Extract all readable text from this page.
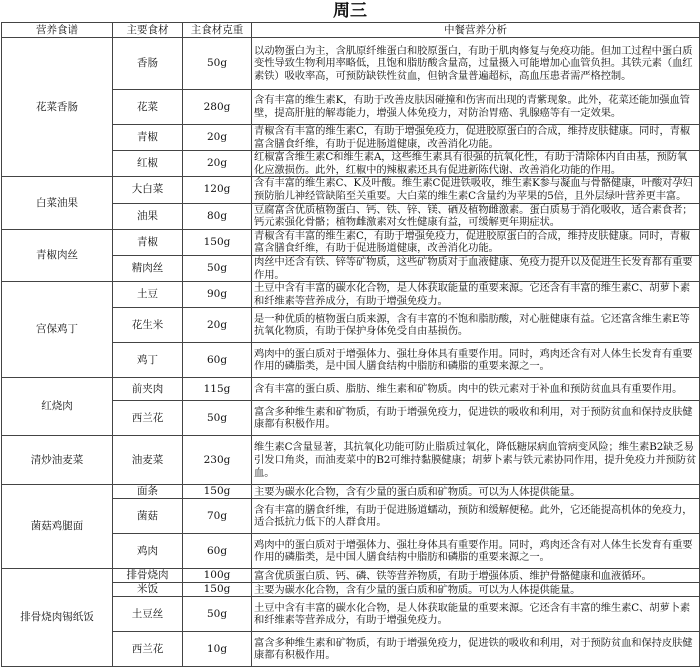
周三
营养食谱	主要食材	主食材克重	中餐营养分析
花菜香肠	香肠	50g	以动物蛋白为主，含肌原纤维蛋白和胶原蛋白，有助于肌肉修复与免疫功能。但加工过程中蛋白质变性导致生物利用率略低，且饱和脂肪酸含量高，过量摄入可能增加心血管负担。其铁元素（血红素铁）吸收率高，可预防缺铁性贫血，但钠含量普遍超标，高血压患者需严格控制。
	花菜	280g	含有丰富的维生素K，有助于改善皮肤因碰撞和伤害而出现的青紫现象。此外，花菜还能加强血管壁，提高肝脏的解毒能力，增强人体免疫力，对防治胃癌、乳腺癌等有一定效果。
	青椒	20g	青椒含有丰富的维生素C，有助于增强免疫力，促进胶原蛋白的合成，维持皮肤健康。同时，青椒富含膳食纤维，有助于促进肠道健康，改善消化功能。
	红椒	20g	红椒富含维生素C和维生素A，这些维生素具有很强的抗氧化性，有助于清除体内自由基，预防氧化应激损伤。此外，红椒中的辣椒素还具有促进新陈代谢、改善消化功能的作用。
白菜油果	大白菜	120g	含有丰富的维生素C、K及叶酸。维生素C促进铁吸收，维生素K参与凝血与骨骼健康，叶酸对孕妇预防胎儿神经管缺陷至关重要。大白菜的维生素C含量约为苹果的5倍，且外层绿叶营养更丰富。
	油果	80g	豆腐富含优质植物蛋白、钙、铁、锌、镁、硒及植物雌激素。蛋白质易于消化吸收，适合素食者；钙元素强化骨骼；植物雌激素对女性健康有益，可缓解更年期症状。
青椒肉丝	青椒	150g	青椒含有丰富的维生素C，有助于增强免疫力，促进胶原蛋白的合成，维持皮肤健康。同时，青椒富含膳食纤维，有助于促进肠道健康，改善消化功能。
	精肉丝	50g	肉丝中还含有铁、锌等矿物质，这些矿物质对于血液健康、免疫力提升以及促进生长发育都有重要作用。
宫保鸡丁	土豆	90g	土豆中含有丰富的碳水化合物，是人体获取能量的重要来源。它还含有丰富的维生素C、胡萝卜素和纤维素等营养成分，有助于增强免疫力。
	花生米	20g	是一种优质的植物蛋白质来源，含有丰富的不饱和脂肪酸，对心脏健康有益。它还富含维生素E等抗氧化物质，有助于保护身体免受自由基损伤。
	鸡丁	60g	鸡肉中的蛋白质对于增强体力、强壮身体具有重要作用。同时，鸡肉还含有对人体生长发育有重要作用的磷脂类，是中国人膳食结构中脂肪和磷脂的重要来源之一。
红烧肉	前夹肉	115g	含有丰富的蛋白质、脂肪、维生素和矿物质。肉中的铁元素对于补血和预防贫血具有重要作用。
	西兰花	50g	富含多种维生素和矿物质，有助于增强免疫力，促进铁的吸收和利用，对于预防贫血和保持皮肤健康都有积极作用。
清炒油麦菜	油麦菜	230g	维生素C含量显著，其抗氧化功能可防止脂质过氧化，降低糖尿病血管病变风险；维生素B2缺乏易引发口角炎，而油麦菜中的B2可维持黏膜健康；胡萝卜素与铁元素协同作用，提升免疫力并预防贫血。
菌菇鸡腿面	面条	150g	主要为碳水化合物，含有少量的蛋白质和矿物质。可以为人体提供能量。
	菌菇	70g	含有丰富的膳食纤维，有助于促进肠道蠕动，预防和缓解便秘。此外，它还能提高机体的免疫力，适合抵抗力低下的人群食用。
	鸡肉	60g	鸡肉中的蛋白质对于增强体力、强壮身体具有重要作用。同时，鸡肉还含有对人体生长发育有重要作用的磷脂类，是中国人膳食结构中脂肪和磷脂的重要来源之一。
排骨烧肉锡纸饭	排骨烧肉	100g	富含优质蛋白质、钙、磷、铁等营养物质，有助于增强体质、维护骨骼健康和血液循环。
	米饭	150g	主要为碳水化合物，含有少量的蛋白质和矿物质。可以为人体提供能量。
	土豆丝	50g	土豆中含有丰富的碳水化合物，是人体获取能量的重要来源。它还含有丰富的维生素C、胡萝卜素和纤维素等营养成分，有助于增强免疫力。
	西兰花	10g	富含多种维生素和矿物质，有助于增强免疫力，促进铁的吸收和利用，对于预防贫血和保持皮肤健康都有积极作用。
